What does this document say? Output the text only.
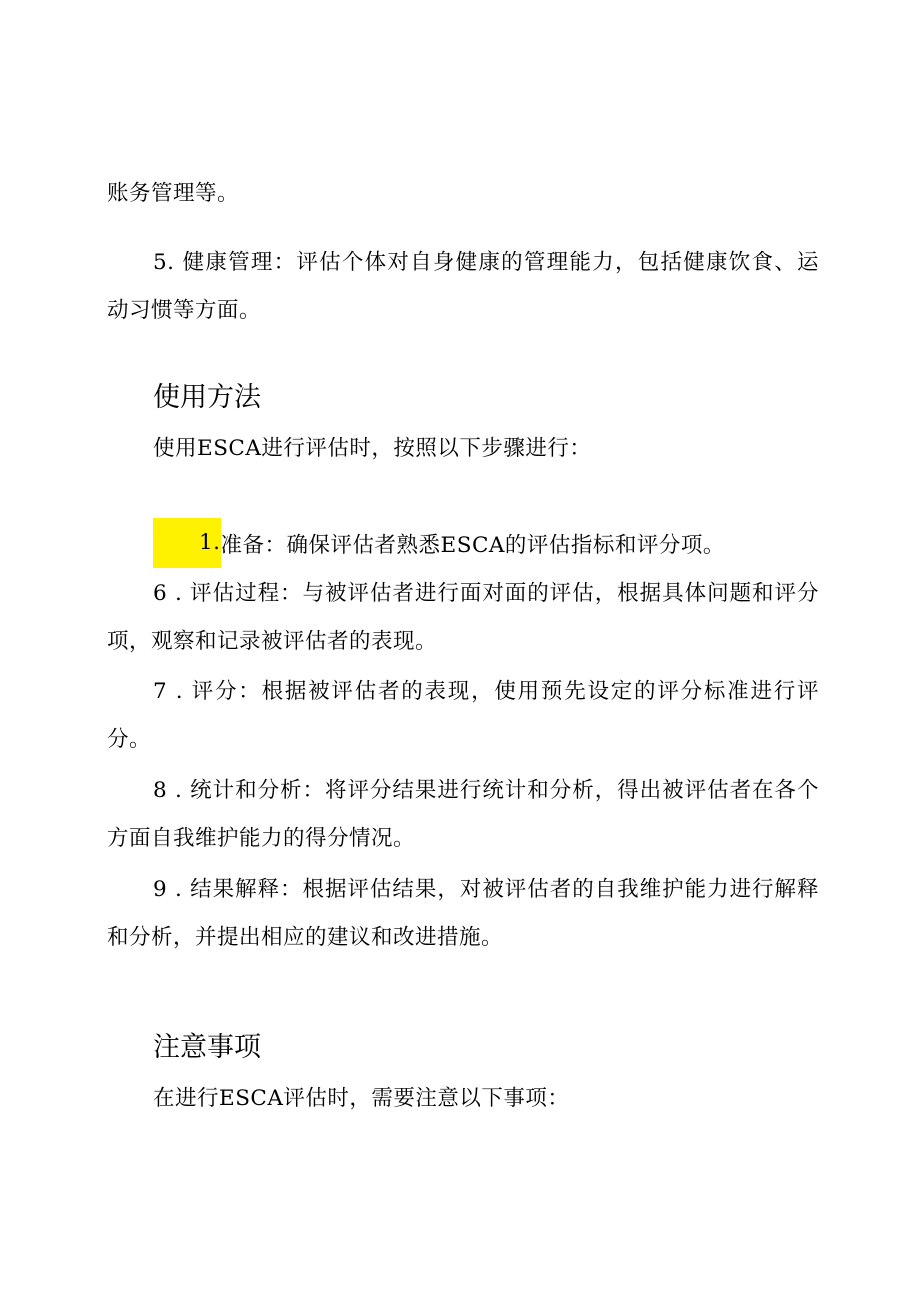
账务管理等。

5. 健康管理：评估个体对自身健康的管理能力，包括健康饮食、运动习惯等方面。

使用方法

使用ESCA进行评估时，按照以下步骤进行：

1.准备：确保评估者熟悉ESCA的评估指标和评分项。

6 . 评估过程：与被评估者进行面对面的评估，根据具体问题和评分项，观察和记录被评估者的表现。

7 . 评分：根据被评估者的表现，使用预先设定的评分标准进行评分。

8 . 统计和分析：将评分结果进行统计和分析，得出被评估者在各个方面自我维护能力的得分情况。

9 . 结果解释：根据评估结果，对被评估者的自我维护能力进行解释和分析，并提出相应的建议和改进措施。

注意事项

在进行ESCA评估时，需要注意以下事项：
